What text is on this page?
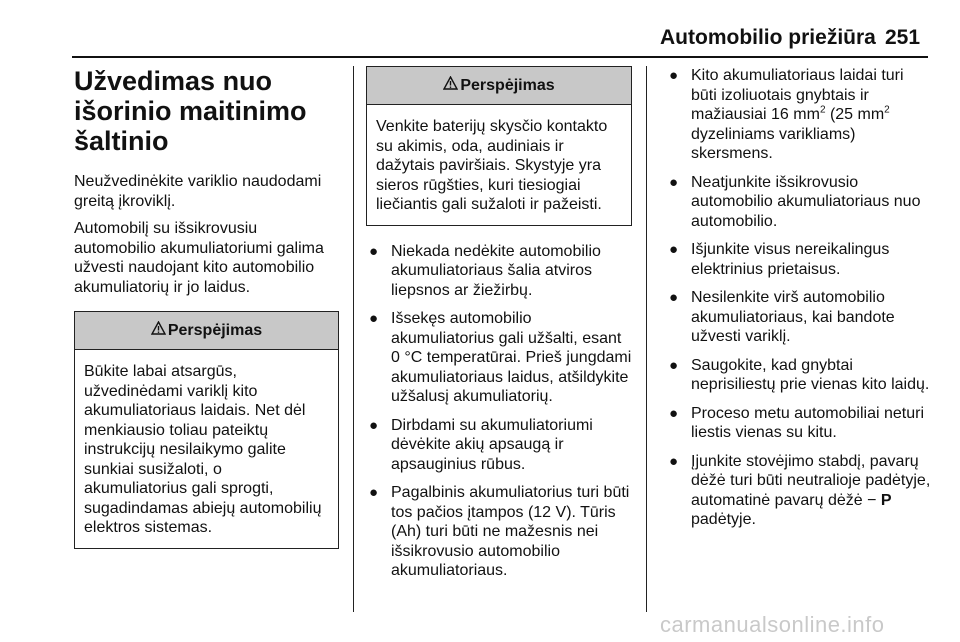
Automobilio priežiūra 251
Užvedimas nuo išorinio maitinimo šaltinio

Neužvedinėkite variklio naudodami greitą įkroviklį.

Automobilį su išsikrovusiu automobilio akumuliatoriumi galima užvesti naudojant kito automobilio akumuliatorių ir jo laidus.

Perspėjimas
Būkite labai atsargūs, užvedinėdami variklį kito akumuliatoriaus laidais. Net dėl menkiausio toliau pateiktų instrukcijų nesilaikymo galite sunkiai susižaloti, o akumuliatorius gali sprogti, sugadindamas abiejų automobilių elektros sistemas.
Perspėjimas
Venkite baterijų skysčio kontakto su akimis, oda, audiniais ir dažytais paviršiais. Skystyje yra sieros rūgšties, kuri tiesiogiai liečiantis gali sužaloti ir pažeisti.
● Niekada nedėkite automobilio akumuliatoriaus šalia atviros liepsnos ar žiežirbų.
● Išsekęs automobilio akumuliatorius gali užšalti, esant 0 °C temperatūrai. Prieš jungdami akumuliatoriaus laidus, atšildykite užšalusį akumuliatorių.
● Dirbdami su akumuliatoriumi dėvėkite akių apsaugą ir apsauginius rūbus.
● Pagalbinis akumuliatorius turi būti tos pačios įtampos (12 V). Tūris (Ah) turi būti ne mažesnis nei išsikrovusio automobilio akumuliatoriaus.
● Kito akumuliatoriaus laidai turi būti izoliuotais gnybtais ir mažiausiai 16 $mm^2$ (25 $mm^2$ dyzeliniams varikliams) skersmens.
● Neatjunkite išsikrovusio automobilio akumuliatoriaus nuo automobilio.
● Išjunkite visus nereikalingus elektrinius prietaisus.
● Nesilenkite virš automobilio akumuliatoriaus, kai bandote užvesti variklį.
● Saugokite, kad gnybtai neprisiliestų prie vienas kito laidų.
● Proceso metu automobiliai neturi liestis vienas su kitu.
● Įjunkite stovėjimo stabdį, pavarų dėžė turi būti neutralioje padėtyje, automatinė pavarų dėžė − P padėtyje.
carmanualsonline.info
